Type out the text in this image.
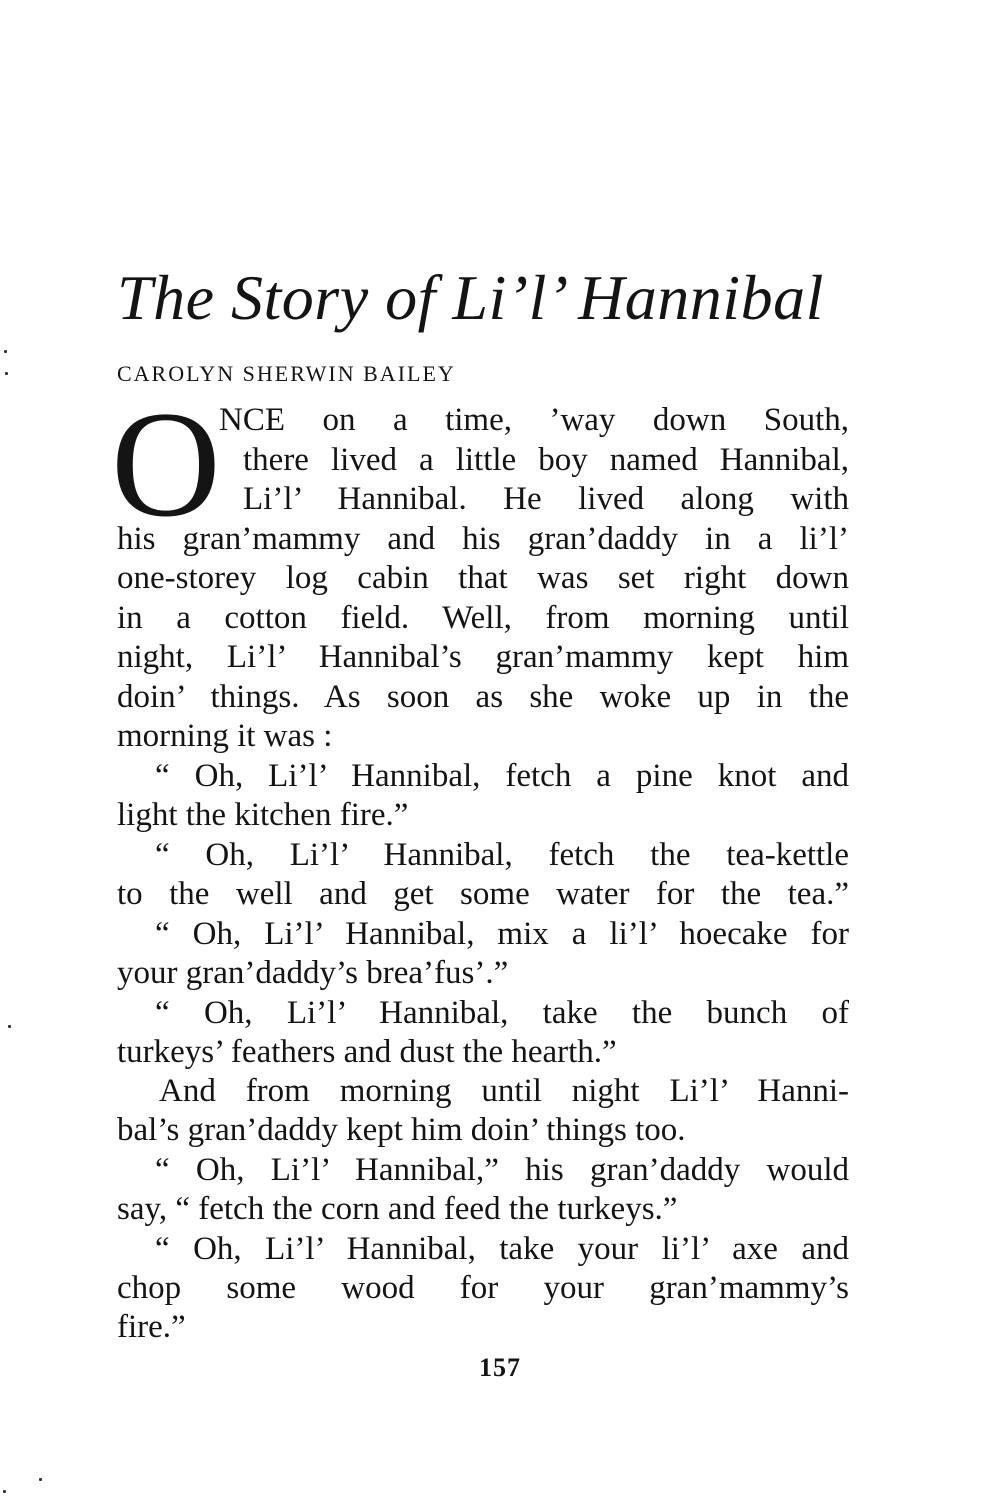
The Story of Li’l’ Hannibal
CAROLYN SHERWIN BAILEY
O
NCE on a time, ’way down South,
there lived a little boy named Hannibal,
Li’l’ Hannibal. He lived along with
his gran’mammy and his gran’daddy in a li’l’
one-storey log cabin that was set right down
in a cotton field. Well, from morning until
night, Li’l’ Hannibal’s gran’mammy kept him
doin’ things. As soon as she woke up in the
morning it was :
“ Oh, Li’l’ Hannibal, fetch a pine knot and
light the kitchen fire.”
“ Oh, Li’l’ Hannibal, fetch the tea-kettle
to the well and get some water for the tea.”
“ Oh, Li’l’ Hannibal, mix a li’l’ hoecake for
your gran’daddy’s brea’fus’.”
“ Oh, Li’l’ Hannibal, take the bunch of
turkeys’ feathers and dust the hearth.”
And from morning until night Li’l’ Hanni-
bal’s gran’daddy kept him doin’ things too.
“ Oh, Li’l’ Hannibal,” his gran’daddy would
say, “ fetch the corn and feed the turkeys.”
“ Oh, Li’l’ Hannibal, take your li’l’ axe and
chop some wood for your gran’mammy’s
fire.”
157
